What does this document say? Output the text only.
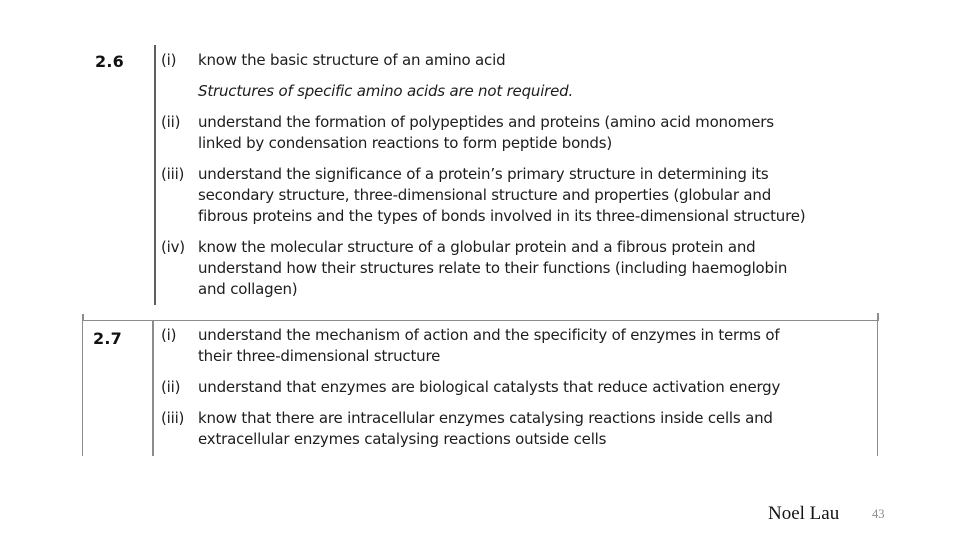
2.6 (i)	know the basic structure of an amino acid
Structures of specific amino acids are not required.
(ii)	understand the formation of polypeptides and proteins (amino acid monomers
linked by condensation reactions to form peptide bonds)
(iii) understand the significance of a protein’s primary structure in determining its
secondary structure, three-dimensional structure and properties (globular and
fibrous proteins and the types of bonds involved in its three-dimensional structure)
(iv) know the molecular structure of a globular protein and a fibrous protein and
understand how their structures relate to their functions (including haemoglobin
and collagen)
2.7	(i)	understand the mechanism of action and the specificity of enzymes in terms of
their three-dimensional structure
(ii)	understand that enzymes are biological catalysts that reduce activation energy
(iii) know that there are intracellular enzymes catalysing reactions inside cells and
extracellular enzymes catalysing reactions outside cells
Noel Lau	43
